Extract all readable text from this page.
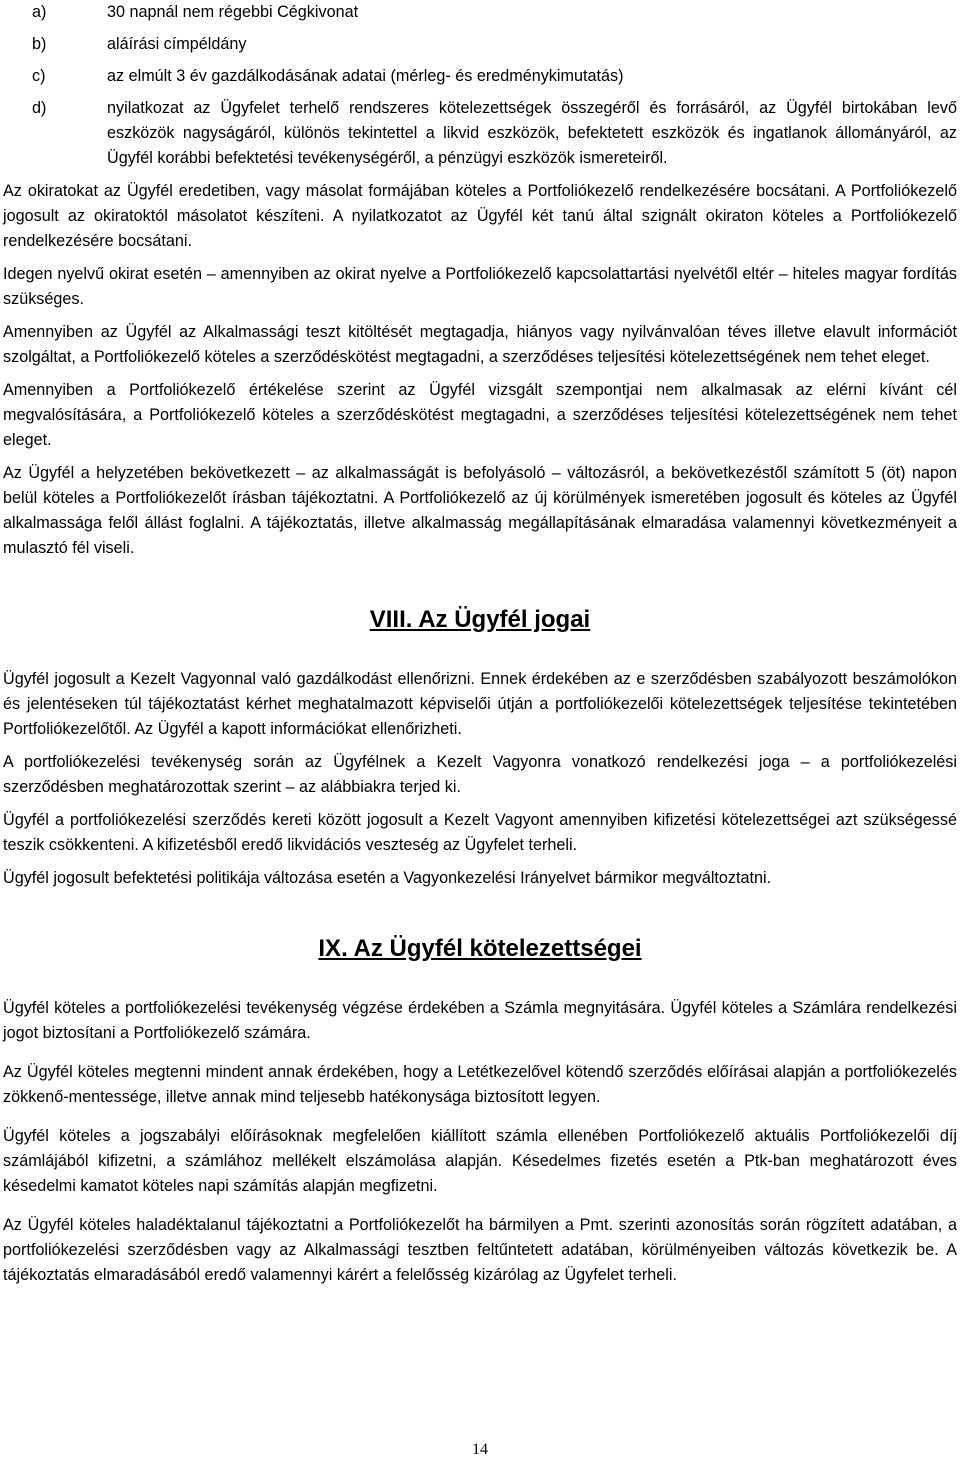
a)	30 napnál nem régebbi Cégkivonat
b)	aláírási címpéldány
c)	az elmúlt 3 év gazdálkodásának adatai (mérleg- és eredménykimutatás)
d)	nyilatkozat az Ügyfelet terhelő rendszeres kötelezettségek összegéről és forrásáról, az Ügyfél birtokában levő eszközök nagyságáról, különös tekintettel a likvid eszközök, befektetett eszközök és ingatlanok állományáról, az Ügyfél korábbi befektetési tevékenységéről, a pénzügyi eszközök ismereteiről.

Az okiratokat az Ügyfél eredetiben, vagy másolat formájában köteles a Portfoliókezelő rendelkezésére bocsátani. A Portfoliókezelő jogosult az okiratoktól másolatot készíteni. A nyilatkozatot az Ügyfél két tanú által szignált okiraton köteles a Portfoliókezelő rendelkezésére bocsátani.

Idegen nyelvű okirat esetén – amennyiben az okirat nyelve a Portfoliókezelő kapcsolattartási nyelvétől eltér – hiteles magyar fordítás szükséges.

Amennyiben az Ügyfél az Alkalmassági teszt kitöltését megtagadja, hiányos vagy nyilvánvalóan téves illetve elavult információt szolgáltat, a Portfoliókezelő köteles a szerződéskötést megtagadni, a szerződéses teljesítési kötelezettségének nem tehet eleget.

Amennyiben a Portfoliókezelő értékelése szerint az Ügyfél vizsgált szempontjai nem alkalmasak az elérni kívánt cél megvalósítására, a Portfoliókezelő köteles a szerződéskötést megtagadni, a szerződéses teljesítési kötelezettségének nem tehet eleget.

Az Ügyfél a helyzetében bekövetkezett – az alkalmasságát is befolyásoló – változásról, a bekövetkezéstől számított 5 (öt) napon belül köteles a Portfoliókezelőt írásban tájékoztatni. A Portfoliókezelő az új körülmények ismeretében jogosult és köteles az Ügyfél alkalmassága felől állást foglalni. A tájékoztatás, illetve alkalmasság megállapításának elmaradása valamennyi következményeit a mulasztó fél viseli.

VIII. Az Ügyfél jogai

Ügyfél jogosult a Kezelt Vagyonnal való gazdálkodást ellenőrizni. Ennek érdekében az e szerződésben szabályozott beszámolókon és jelentéseken túl tájékoztatást kérhet meghatalmazott képviselői útján a portfoliókezelői kötelezettségek teljesítése tekintetében Portfoliókezelőtől. Az Ügyfél a kapott információkat ellenőrizheti.

A portfoliókezelési tevékenység során az Ügyfélnek a Kezelt Vagyonra vonatkozó rendelkezési joga – a portfoliókezelési szerződésben meghatározottak szerint – az alábbiakra terjed ki.

Ügyfél a portfoliókezelési szerződés kereti között jogosult a Kezelt Vagyont amennyiben kifizetési kötelezettségei azt szükségessé teszik csökkenteni. A kifizetésből eredő likvidációs veszteség az Ügyfelet terheli.

Ügyfél jogosult befektetési politikája változása esetén a Vagyonkezelési Irányelvet bármikor megváltoztatni.

IX. Az Ügyfél kötelezettségei

Ügyfél köteles a portfoliókezelési tevékenység végzése érdekében a Számla megnyitására. Ügyfél köteles a Számlára rendelkezési jogot biztosítani a Portfoliókezelő számára.

Az Ügyfél köteles megtenni mindent annak érdekében, hogy a Letétkezelővel kötendő szerződés előírásai alapján a portfoliókezelés zökkenő-mentessége, illetve annak mind teljesebb hatékonysága biztosított legyen.

Ügyfél köteles a jogszabályi előírásoknak megfelelően kiállított számla ellenében Portfoliókezelő aktuális Portfoliókezelői díj számlájából kifizetni, a számlához mellékelt elszámolása alapján. Késedelmes fizetés esetén a Ptk-ban meghatározott éves késedelmi kamatot köteles napi számítás alapján megfizetni.

Az Ügyfél köteles haladéktalanul tájékoztatni a Portfoliókezelőt ha bármilyen a Pmt. szerinti azonosítás során rögzített adatában, a portfoliókezelési szerződésben vagy az Alkalmassági tesztben feltűntetett adatában, körülményeiben változás következik be. A tájékoztatás elmaradásából eredő valamennyi kárért a felelősség kizárólag az Ügyfelet terheli.

14
